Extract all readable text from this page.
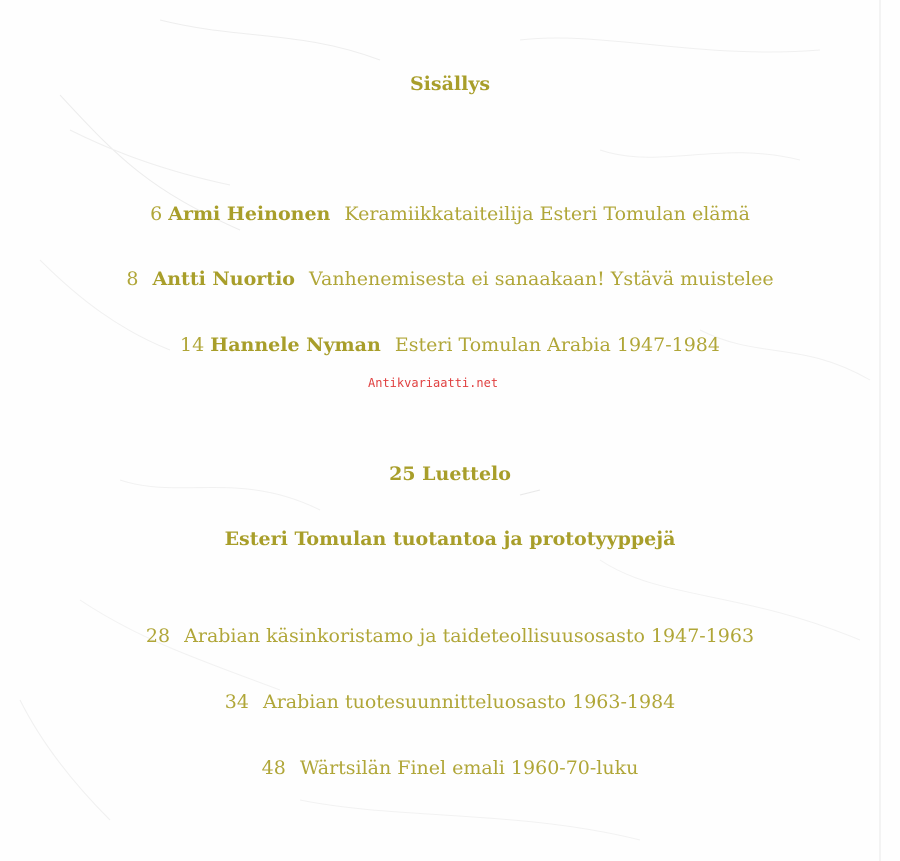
Sisällys
6 Armi Heinonen Keramiikkataiteilija Esteri Tomulan elämä
8 Antti Nuortio Vanhenemisesta ei sanaakaan! Ystävä muistelee
14 Hannele Nyman Esteri Tomulan Arabia 1947-1984
Antikvariaatti.net
25 Luettelo
Esteri Tomulan tuotantoa ja prototyyppejä
28 Arabian käsinkoristamo ja taideteollisuusosasto 1947-1963
34 Arabian tuotesuunnitteluosasto 1963-1984
48 Wärtsilän Finel emali 1960-70-luku
